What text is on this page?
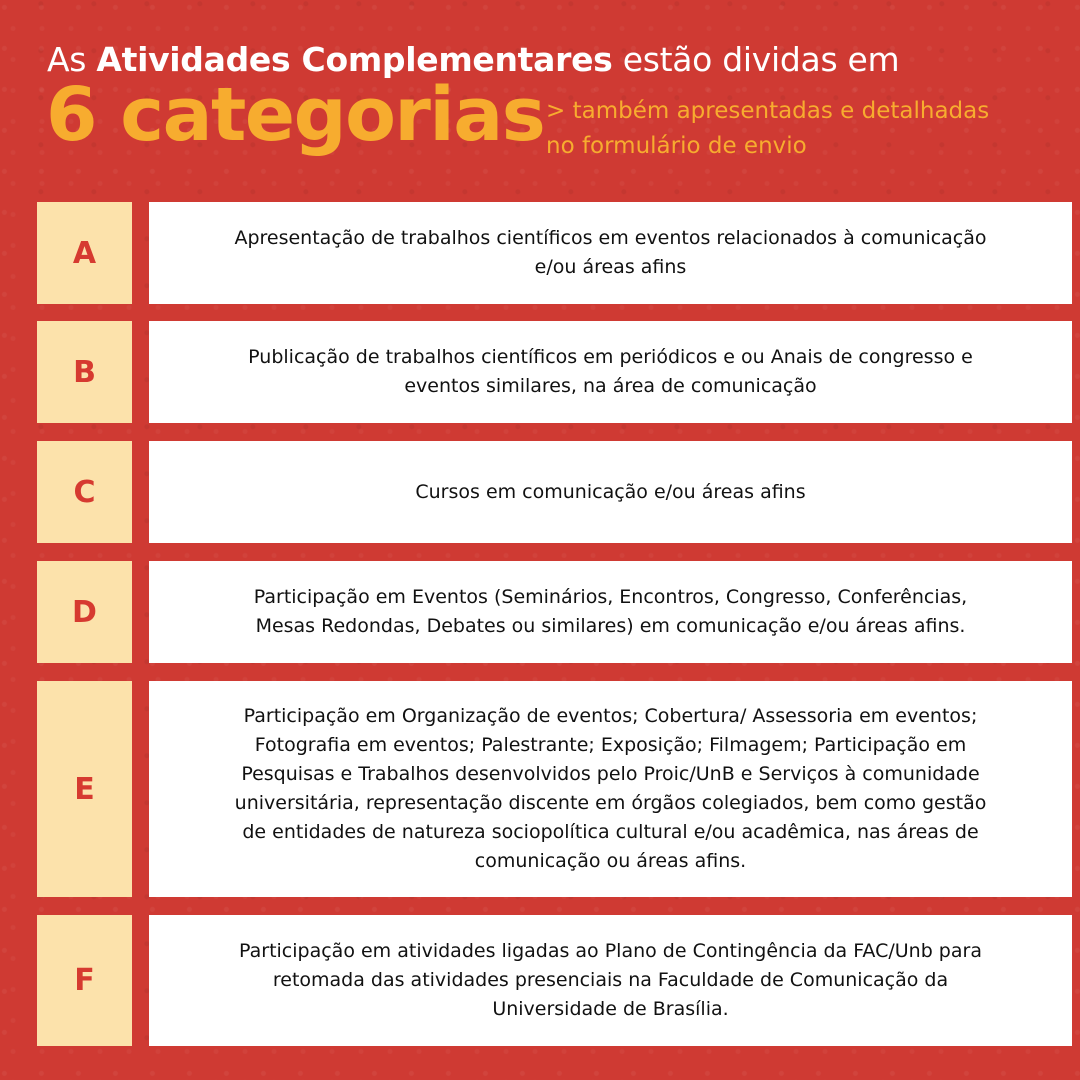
As Atividades Complementares estão dividas em
6 categorias > também apresentadas e detalhadas
no formulário de envio
A	Apresentação de trabalhos científicos em eventos relacionados à comunicação
e/ou áreas afins
B	Publicação de trabalhos científicos em periódicos e ou Anais de congresso e
eventos similares, na área de comunicação
C	Cursos em comunicação e/ou áreas afins
D	Participação em Eventos (Seminários, Encontros, Congresso, Conferências,
Mesas Redondas, Debates ou similares) em comunicação e/ou áreas afins.
E
Participação em Organização de eventos; Cobertura/ Assessoria em eventos;
Fotografia em eventos; Palestrante; Exposição; Filmagem; Participação em
Pesquisas e Trabalhos desenvolvidos pelo Proic/UnB e Serviços à comunidade
universitária, representação discente em órgãos colegiados, bem como gestão
de entidades de natureza sociopolítica cultural e/ou acadêmica, nas áreas de
comunicação ou áreas afins.
F
Participação em atividades ligadas ao Plano de Contingência da FAC/Unb para
retomada das atividades presenciais na Faculdade de Comunicação da
Universidade de Brasília.
